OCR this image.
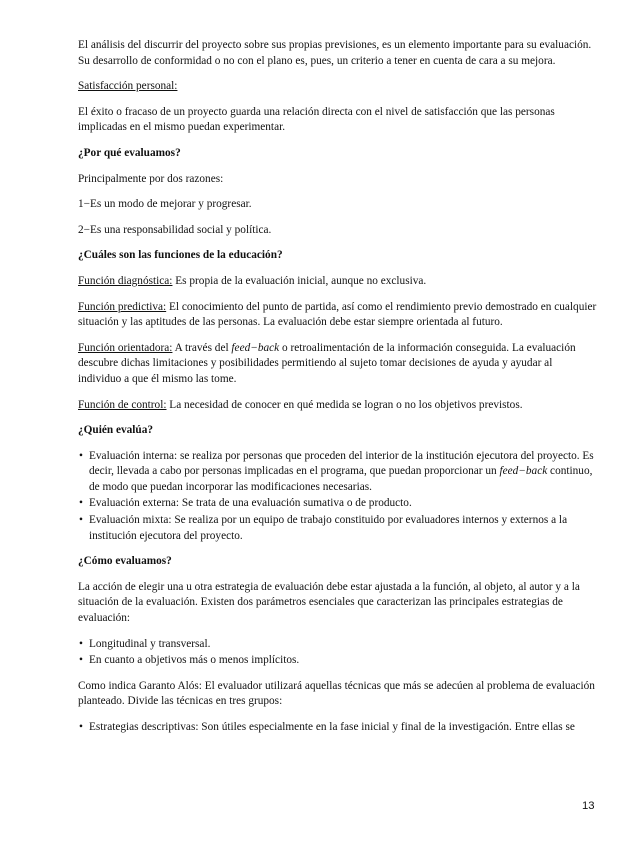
El análisis del discurrir del proyecto sobre sus propias previsiones, es un elemento importante para su evaluación. Su desarrollo de conformidad o no con el plano es, pues, un criterio a tener en cuenta de cara a su mejora.

Satisfacción personal:

El éxito o fracaso de un proyecto guarda una relación directa con el nivel de satisfacción que las personas implicadas en el mismo puedan experimentar.

¿Por qué evaluamos?

Principalmente por dos razones:

1−Es un modo de mejorar y progresar.

2−Es una responsabilidad social y política.

¿Cuáles son las funciones de la educación?

Función diagnóstica: Es propia de la evaluación inicial, aunque no exclusiva.

Función predictiva: El conocimiento del punto de partida, así como el rendimiento previo demostrado en cualquier situación y las aptitudes de las personas. La evaluación debe estar siempre orientada al futuro.

Función orientadora: A través del feed−back o retroalimentación de la información conseguida. La evaluación descubre dichas limitaciones y posibilidades permitiendo al sujeto tomar decisiones de ayuda y ayudar al individuo a que él mismo las tome.

Función de control: La necesidad de conocer en qué medida se logran o no los objetivos previstos.

¿Quién evalúa?

• Evaluación interna: se realiza por personas que proceden del interior de la institución ejecutora del proyecto. Es decir, llevada a cabo por personas implicadas en el programa, que puedan proporcionar un feed−back continuo, de modo que puedan incorporar las modificaciones necesarias.
• Evaluación externa: Se trata de una evaluación sumativa o de producto.
• Evaluación mixta: Se realiza por un equipo de trabajo constituido por evaluadores internos y externos a la institución ejecutora del proyecto.

¿Cómo evaluamos?

La acción de elegir una u otra estrategia de evaluación debe estar ajustada a la función, al objeto, al autor y a la situación de la evaluación. Existen dos parámetros esenciales que caracterizan las principales estrategias de evaluación:

• Longitudinal y transversal.
• En cuanto a objetivos más o menos implícitos.

Como indica Garanto Alós: El evaluador utilizará aquellas técnicas que más se adecúen al problema de evaluación planteado. Divide las técnicas en tres grupos:

• Estrategias descriptivas: Son útiles especialmente en la fase inicial y final de la investigación. Entre ellas se
13
